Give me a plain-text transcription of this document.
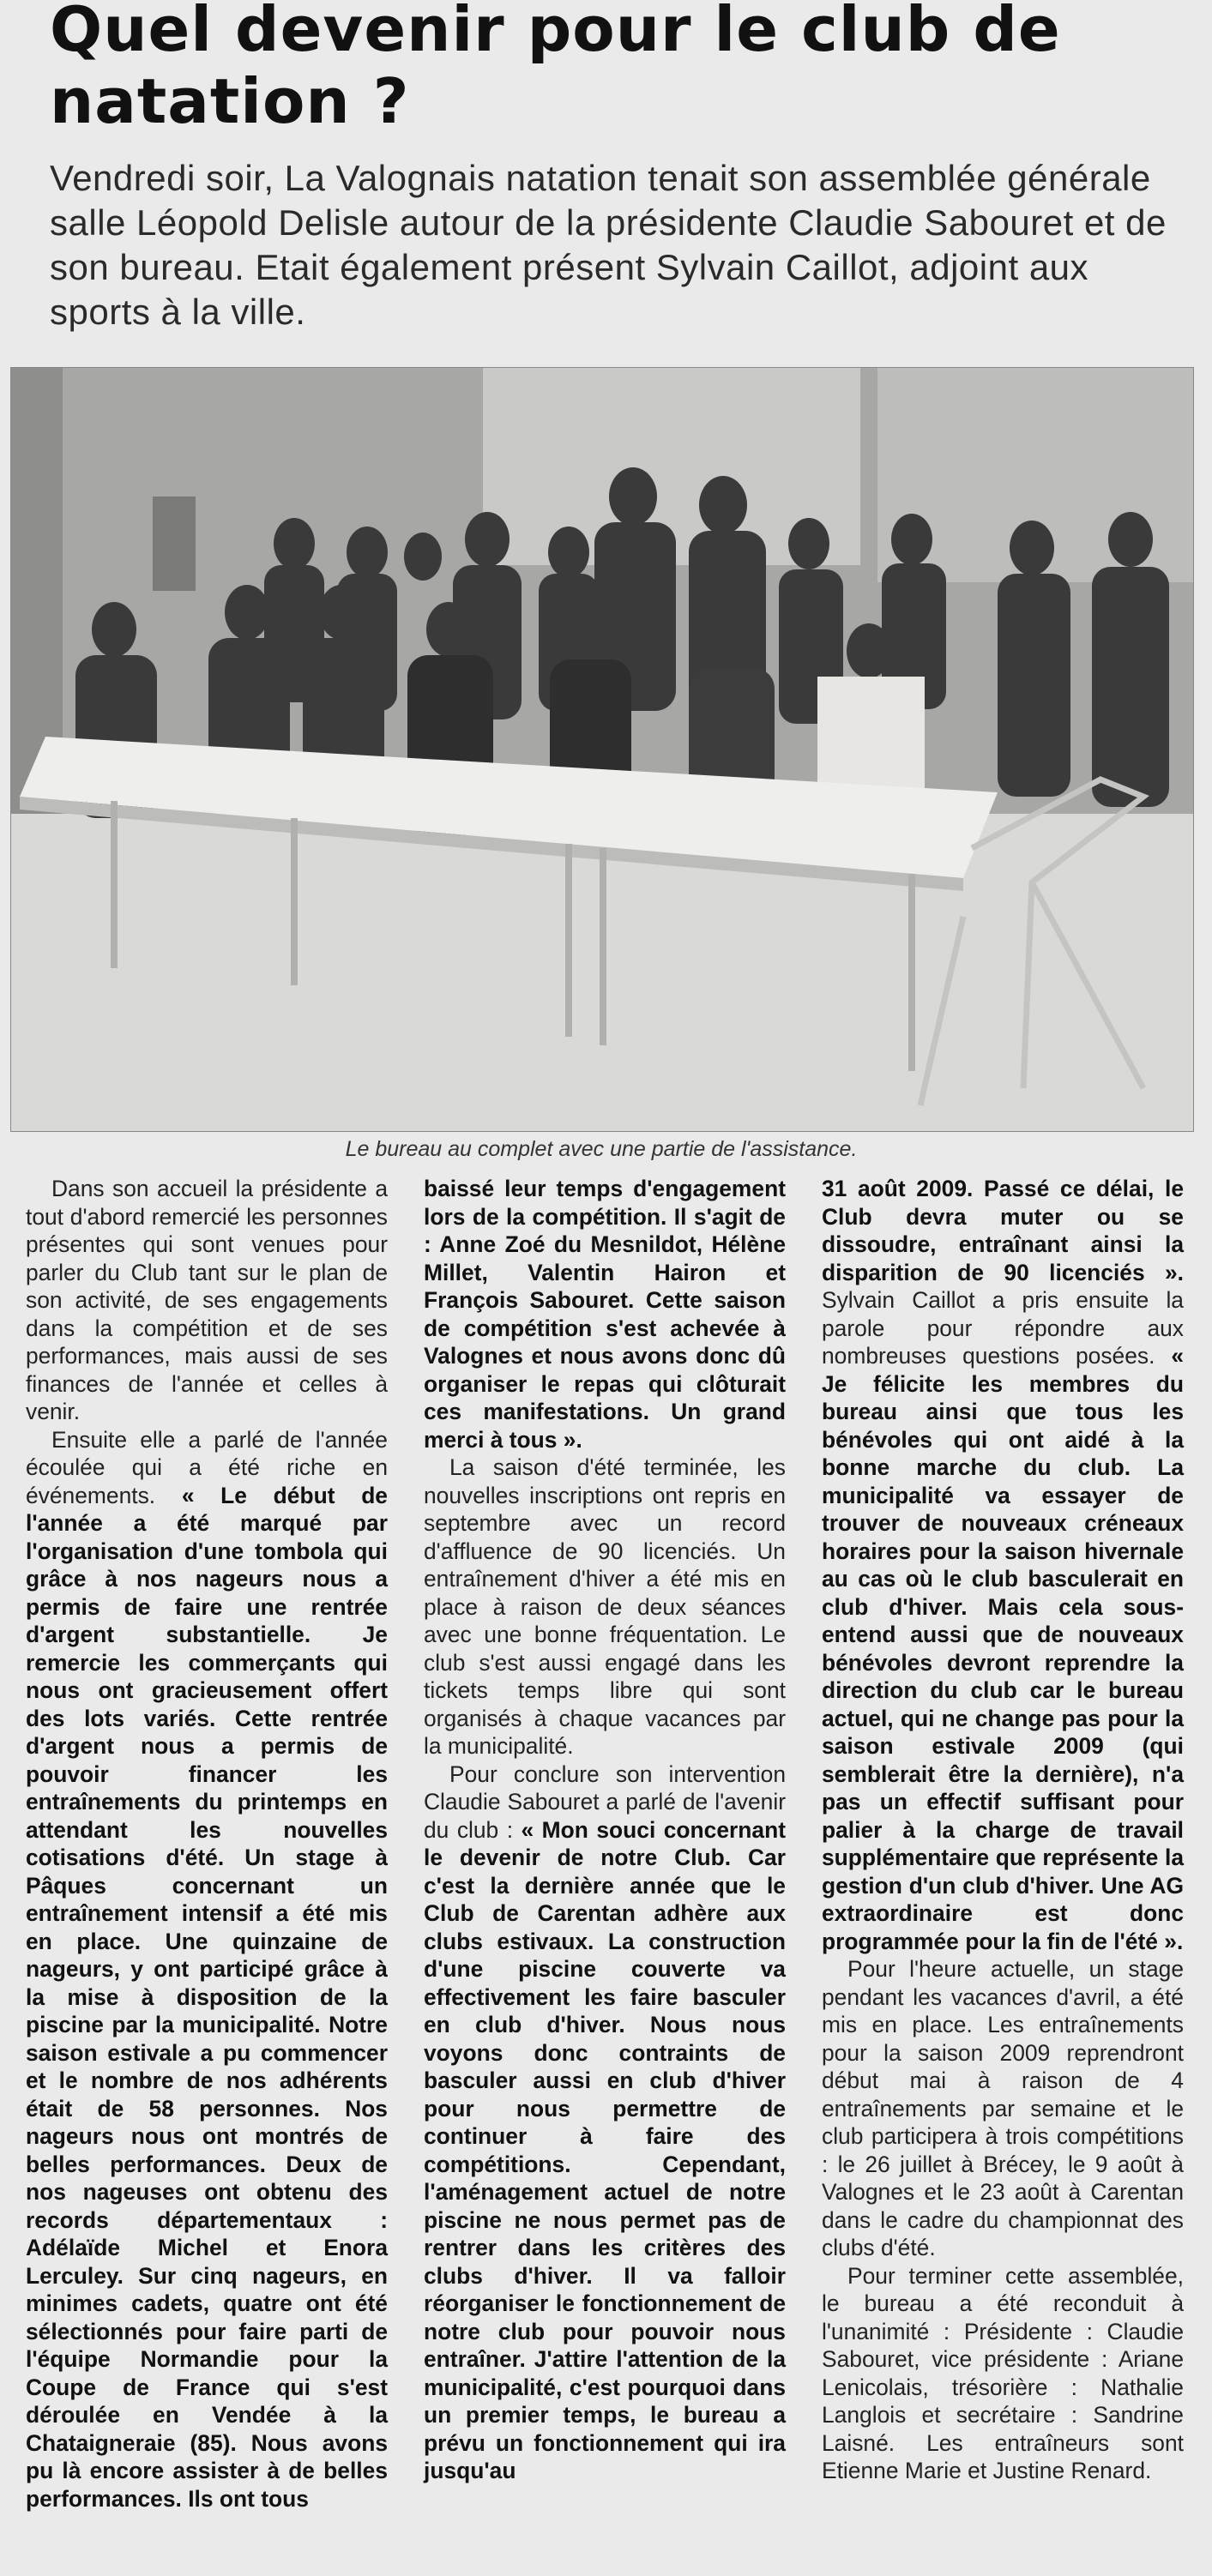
Quel devenir pour le club de natation ?
Vendredi soir, La Valognais natation tenait son assemblée générale salle Léopold Delisle autour de la présidente Claudie Sabouret et de son bureau. Etait également présent Sylvain Caillot, adjoint aux sports à la ville.
Le bureau au complet avec une partie de l'assistance.

Dans son accueil la présidente a tout d'abord remercié les personnes présentes qui sont venues pour parler du Club tant sur le plan de son activité, de ses engagements dans la compétition et de ses performances, mais aussi de ses finances de l'année et celles à venir.

Ensuite elle a parlé de l'année écoulée qui a été riche en événements. « Le début de l'année a été marqué par l'organisation d'une tombola qui grâce à nos nageurs nous a permis de faire une rentrée d'argent substantielle. Je remercie les commerçants qui nous ont gracieusement offert des lots variés. Cette rentrée d'argent nous a permis de pouvoir financer les entraînements du printemps en attendant les nouvelles cotisations d'été. Un stage à Pâques concernant un entraînement intensif a été mis en place. Une quinzaine de nageurs, y ont participé grâce à la mise à disposition de la piscine par la municipalité. Notre saison estivale a pu commencer et le nombre de nos adhérents était de 58 personnes. Nos nageurs nous ont montrés de belles performances. Deux de nos nageuses ont obtenu des records départementaux : Adélaïde Michel et Enora Lerculey. Sur cinq nageurs, en minimes cadets, quatre ont été sélectionnés pour faire parti de l'équipe Normandie pour la Coupe de France qui s'est déroulée en Vendée à la Chataigneraie (85). Nous avons pu là encore assister à de belles performances. Ils ont tous

baissé leur temps d'engagement lors de la compétition. Il s'agit de : Anne Zoé du Mesnildot, Hélène Millet, Valentin Hairon et François Sabouret. Cette saison de compétition s'est achevée à Valognes et nous avons donc dû organiser le repas qui clôturait ces manifestations. Un grand merci à tous ».

La saison d'été terminée, les nouvelles inscriptions ont repris en septembre avec un record d'affluence de 90 licenciés. Un entraînement d'hiver a été mis en place à raison de deux séances avec une bonne fréquentation. Le club s'est aussi engagé dans les tickets temps libre qui sont organisés à chaque vacances par la municipalité.

Pour conclure son intervention Claudie Sabouret a parlé de l'avenir du club : « Mon souci concernant le devenir de notre Club. Car c'est la dernière année que le Club de Carentan adhère aux clubs estivaux. La construction d'une piscine couverte va effectivement les faire basculer en club d'hiver. Nous nous voyons donc contraints de basculer aussi en club d'hiver pour nous permettre de continuer à faire des compétitions. Cependant, l'aménagement actuel de notre piscine ne nous permet pas de rentrer dans les critères des clubs d'hiver. Il va falloir réorganiser le fonctionnement de notre club pour pouvoir nous entraîner. J'attire l'attention de la municipalité, c'est pourquoi dans un premier temps, le bureau a prévu un fonctionnement qui ira jusqu'au

31 août 2009. Passé ce délai, le Club devra muter ou se dissoudre, entraînant ainsi la disparition de 90 licenciés ». Sylvain Caillot a pris ensuite la parole pour répondre aux nombreuses questions posées. « Je félicite les membres du bureau ainsi que tous les bénévoles qui ont aidé à la bonne marche du club. La municipalité va essayer de trouver de nouveaux créneaux horaires pour la saison hivernale au cas où le club basculerait en club d'hiver. Mais cela sous-entend aussi que de nouveaux bénévoles devront reprendre la direction du club car le bureau actuel, qui ne change pas pour la saison estivale 2009 (qui semblerait être la dernière), n'a pas un effectif suffisant pour palier à la charge de travail supplémentaire que représente la gestion d'un club d'hiver. Une AG extraordinaire est donc programmée pour la fin de l'été ».

Pour l'heure actuelle, un stage pendant les vacances d'avril, a été mis en place. Les entraînements pour la saison 2009 reprendront début mai à raison de 4 entraînements par semaine et le club participera à trois compétitions : le 26 juillet à Brécey, le 9 août à Valognes et le 23 août à Carentan dans le cadre du championnat des clubs d'été.

Pour terminer cette assemblée, le bureau a été reconduit à l'unanimité : Présidente : Claudie Sabouret, vice présidente : Ariane Lenicolais, trésorière : Nathalie Langlois et secrétaire : Sandrine Laisné. Les entraîneurs sont Etienne Marie et Justine Renard.
